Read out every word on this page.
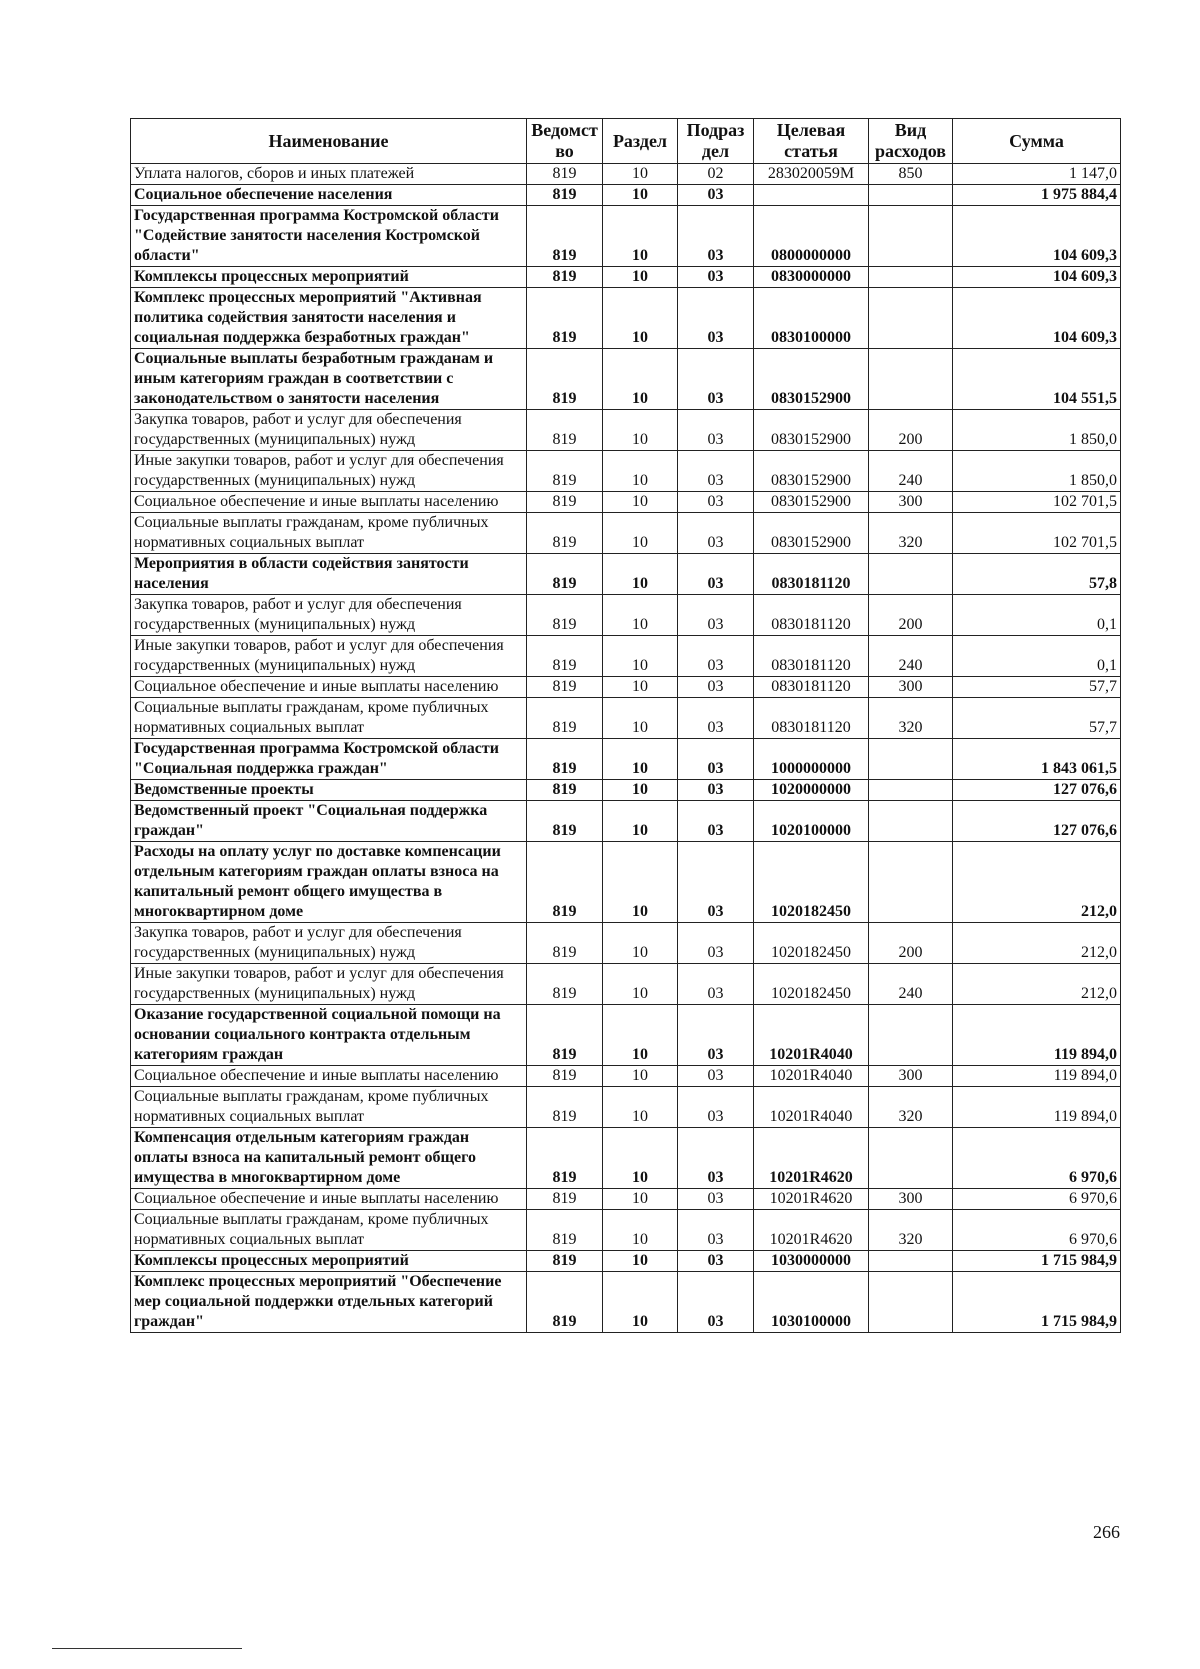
Наименование	Ведомст во	Раздел	Подраз дел	Целевая статья	Вид расходов	Сумма
Уплата налогов, сборов и иных платежей	819	10	02	283020059М	850	1 147,0
Социальное обеспечение населения	819	10	03			1 975 884,4
Государственная программа Костромской области "Содействие занятости населения Костромской области"	819	10	03	0800000000		104 609,3
Комплексы процессных мероприятий	819	10	03	0830000000		104 609,3
Комплекс процессных мероприятий "Активная политика содействия занятости населения и социальная поддержка безработных граждан"	819	10	03	0830100000		104 609,3
Социальные выплаты безработным гражданам и иным категориям граждан в соответствии с законодательством о занятости населения	819	10	03	0830152900		104 551,5
Закупка товаров, работ и услуг для обеспечения государственных (муниципальных) нужд	819	10	03	0830152900	200	1 850,0
Иные закупки товаров, работ и услуг для обеспечения государственных (муниципальных) нужд	819	10	03	0830152900	240	1 850,0
Социальное обеспечение и иные выплаты населению	819	10	03	0830152900	300	102 701,5
Социальные выплаты гражданам, кроме публичных нормативных социальных выплат	819	10	03	0830152900	320	102 701,5
Мероприятия в области содействия занятости населения	819	10	03	0830181120		57,8
Закупка товаров, работ и услуг для обеспечения государственных (муниципальных) нужд	819	10	03	0830181120	200	0,1
Иные закупки товаров, работ и услуг для обеспечения государственных (муниципальных) нужд	819	10	03	0830181120	240	0,1
Социальное обеспечение и иные выплаты населению	819	10	03	0830181120	300	57,7
Социальные выплаты гражданам, кроме публичных нормативных социальных выплат	819	10	03	0830181120	320	57,7
Государственная программа Костромской области "Социальная поддержка граждан"	819	10	03	1000000000		1 843 061,5
Ведомственные проекты	819	10	03	1020000000		127 076,6
Ведомственный проект "Социальная поддержка граждан"	819	10	03	1020100000		127 076,6
Расходы на оплату услуг по доставке компенсации отдельным категориям граждан оплаты взноса на капитальный ремонт общего имущества в многоквартирном доме	819	10	03	1020182450		212,0
Закупка товаров, работ и услуг для обеспечения государственных (муниципальных) нужд	819	10	03	1020182450	200	212,0
Иные закупки товаров, работ и услуг для обеспечения государственных (муниципальных) нужд	819	10	03	1020182450	240	212,0
Оказание государственной социальной помощи на основании социального контракта отдельным категориям граждан	819	10	03	10201R4040		119 894,0
Социальное обеспечение и иные выплаты населению	819	10	03	10201R4040	300	119 894,0
Социальные выплаты гражданам, кроме публичных нормативных социальных выплат	819	10	03	10201R4040	320	119 894,0
Компенсация отдельным категориям граждан оплаты взноса на капитальный ремонт общего имущества в многоквартирном доме	819	10	03	10201R4620		6 970,6
Социальное обеспечение и иные выплаты населению	819	10	03	10201R4620	300	6 970,6
Социальные выплаты гражданам, кроме публичных нормативных социальных выплат	819	10	03	10201R4620	320	6 970,6
Комплексы процессных мероприятий	819	10	03	1030000000		1 715 984,9
Комплекс процессных мероприятий "Обеспечение мер социальной поддержки отдельных категорий граждан"	819	10	03	1030100000		1 715 984,9
266
